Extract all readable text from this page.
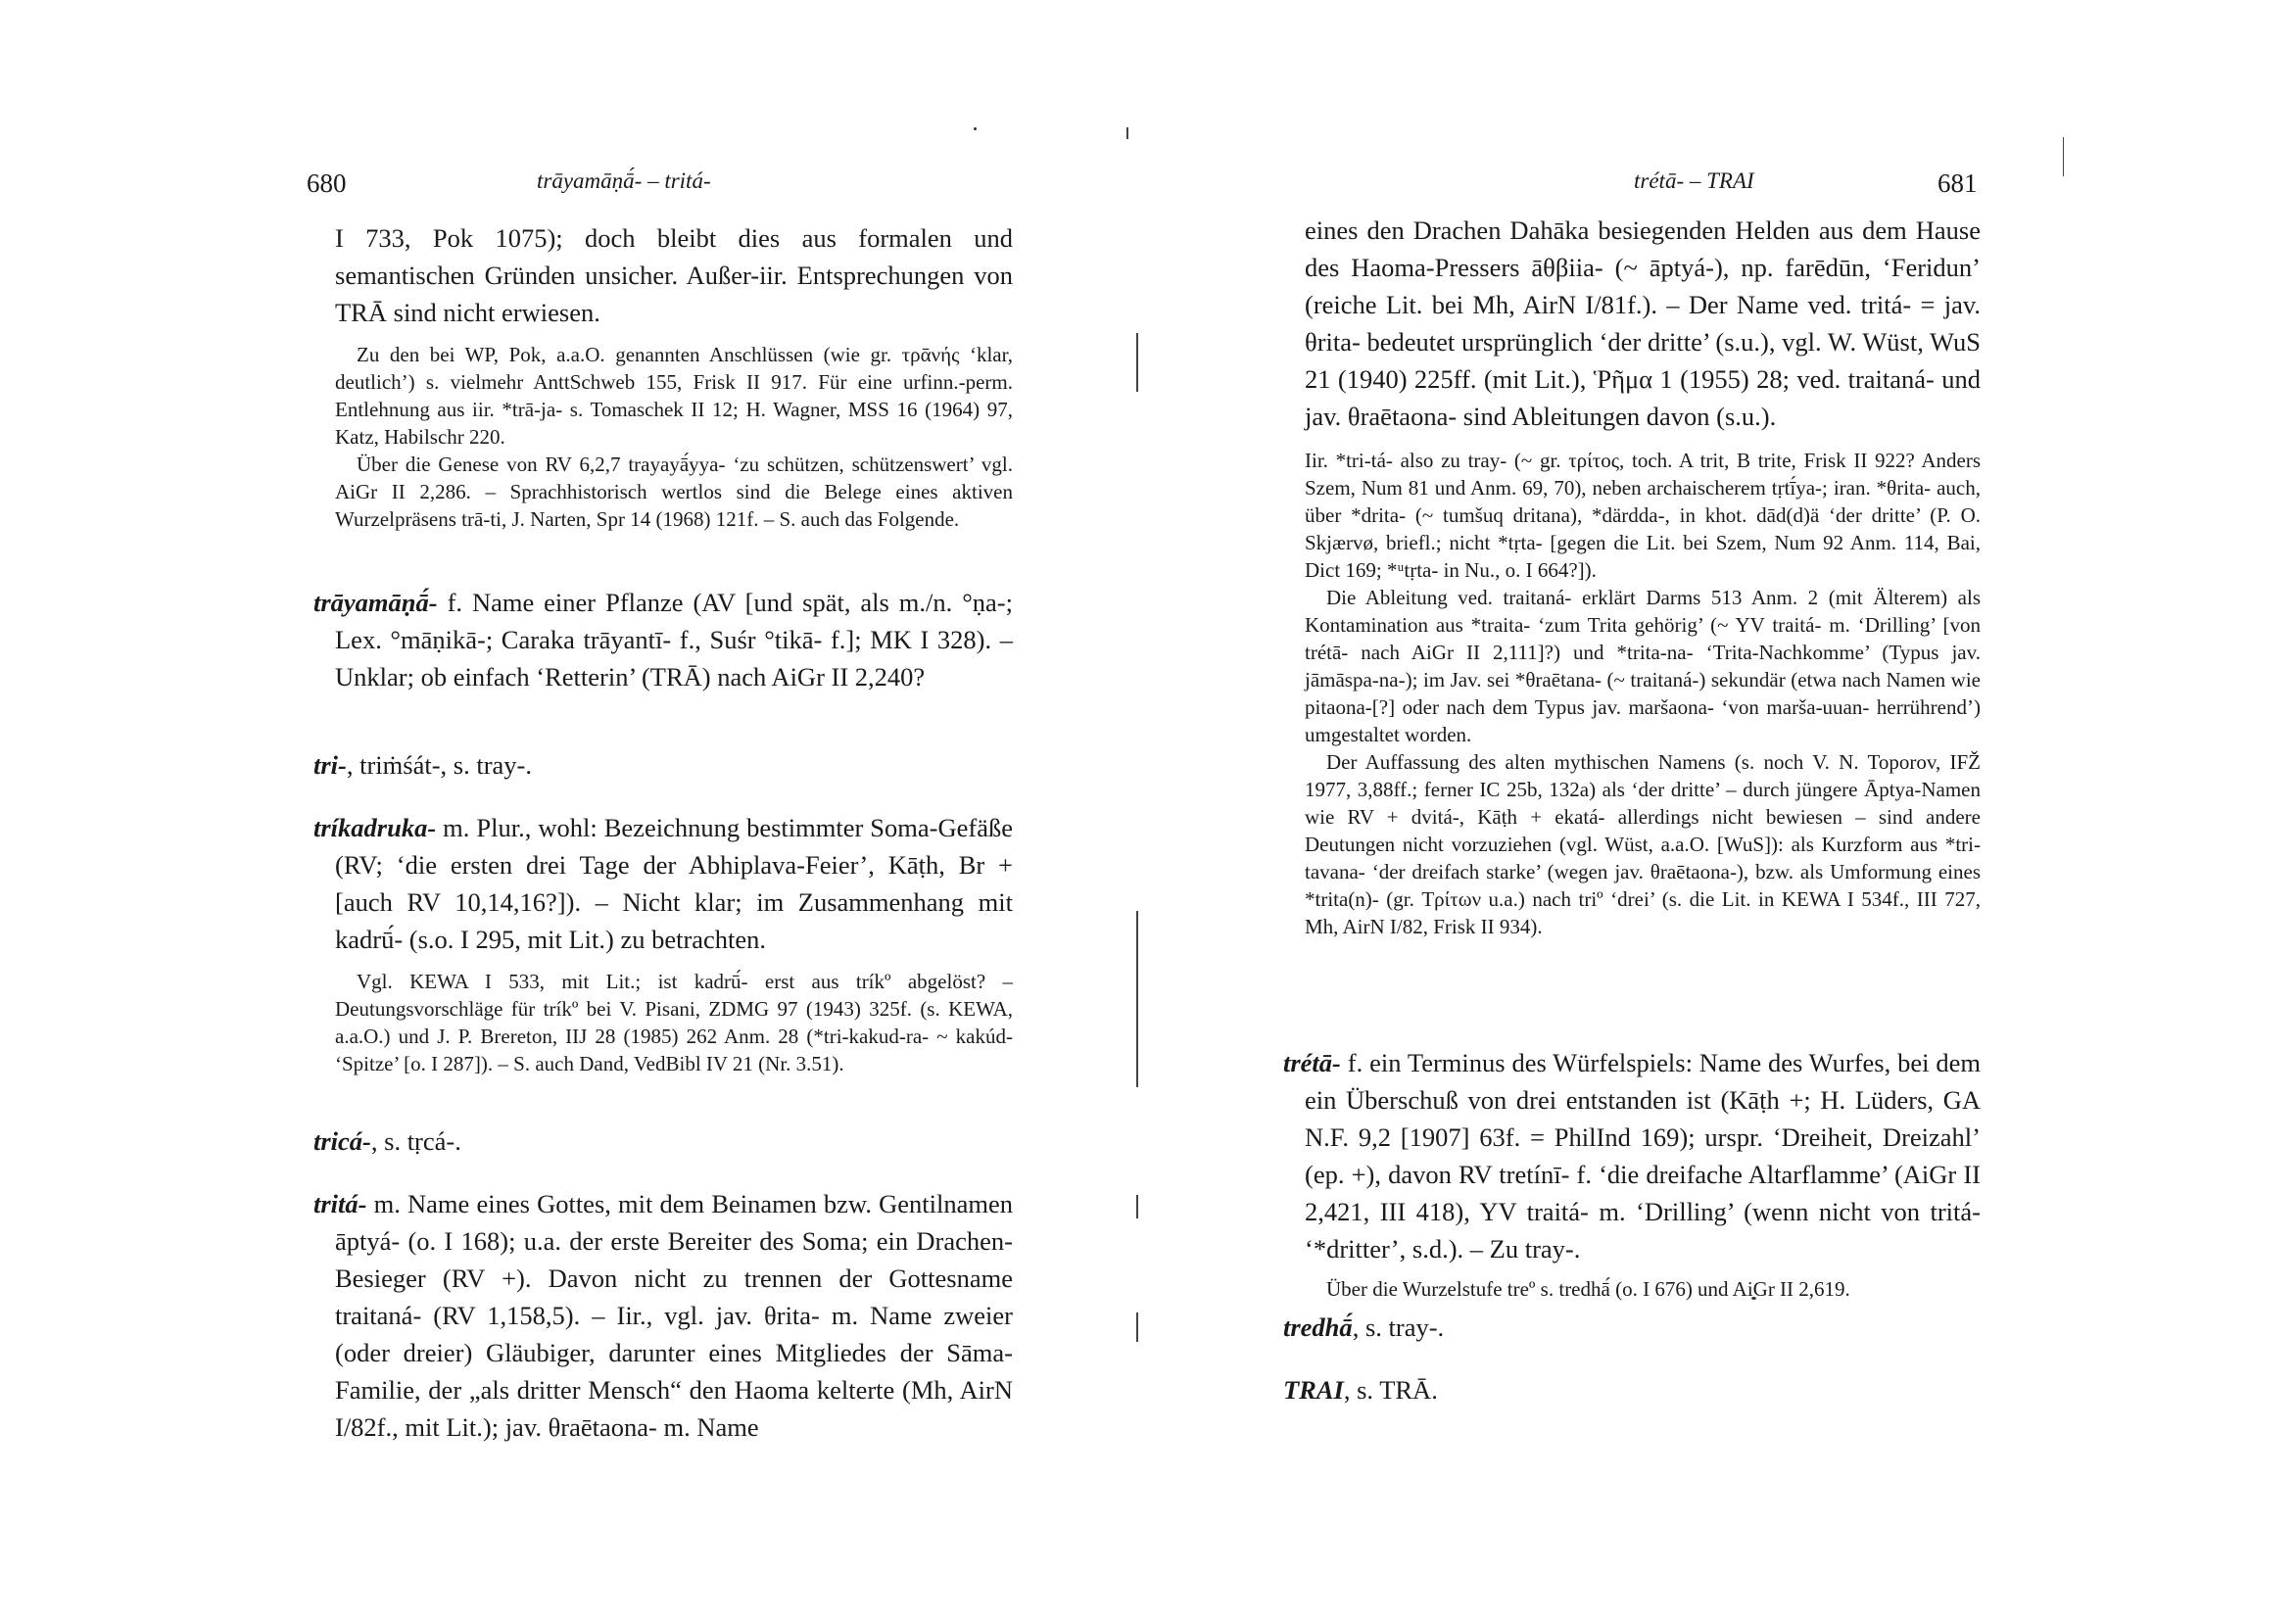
680	trāyamāṇā́- – tritá-

I 733, Pok 1075); doch bleibt dies aus formalen und semantischen Gründen unsicher. Außer-iir. Entsprechungen von TRĀ sind nicht erwiesen.

Zu den bei WP, Pok, a.a.O. genannten Anschlüssen (wie gr. τρᾱνής ‘klar, deutlich’) s. vielmehr AnttSchweb 155, Frisk II 917. Für eine urfinn.-perm. Entlehnung aus iir. *trā-ja- s. Tomaschek II 12; H. Wagner, MSS 16 (1964) 97, Katz, Habilschr 220.

Über die Genese von RV 6,2,7 trayayā́yya- ‘zu schützen, schützenswert’ vgl. AiGr II 2,286. – Sprachhistorisch wertlos sind die Belege eines aktiven Wurzelpräsens trā-ti, J. Narten, Spr 14 (1968) 121f. – S. auch das Folgende.

trāyamāṇā́- f. Name einer Pflanze (AV [und spät, als m./n. °ṇa-; Lex. °māṇikā-; Caraka trāyantī- f., Suśr °tikā- f.]; MK I 328). – Unklar; ob einfach ‘Retterin’ (TRĀ) nach AiGr II 2,240?

tri-, triṁśát-, s. tray-.

tríkadruka- m. Plur., wohl: Bezeichnung bestimmter Soma-Gefäße (RV; ‘die ersten drei Tage der Abhiplava-Feier’, Kāṭh, Br + [auch RV 10,14,16?]). – Nicht klar; im Zusammenhang mit kadrū́- (s.o. I 295, mit Lit.) zu betrachten.

Vgl. KEWA I 533, mit Lit.; ist kadrū́- erst aus tríkº abgelöst? – Deutungsvorschläge für tríkº bei V. Pisani, ZDMG 97 (1943) 325f. (s. KEWA, a.a.O.) und J. P. Brereton, IIJ 28 (1985) 262 Anm. 28 (*tri-kakud-ra- ~ kakúd- ‘Spitze’ [o. I 287]). – S. auch Dand, VedBibl IV 21 (Nr. 3.51).

tricá-, s. tṛcá-.

tritá- m. Name eines Gottes, mit dem Beinamen bzw. Gentilnamen āptyá- (o. I 168); u.a. der erste Bereiter des Soma; ein Drachen-Besieger (RV +). Davon nicht zu trennen der Gottesname traitaná- (RV 1,158,5). – Iir., vgl. jav. θrita- m. Name zweier (oder dreier) Gläubiger, darunter eines Mitgliedes der Sāma-Familie, der „als dritter Mensch“ den Haoma kelterte (Mh, AirN I/82f., mit Lit.); jav. θraētaona- m. Name

trétā- – TRAI	681

eines den Drachen Dahāka besiegenden Helden aus dem Hause des Haoma-Pressers āθβiia- (~ āptyá-), np. farēdūn, ‘Feridun’ (reiche Lit. bei Mh, AirN I/81f.). – Der Name ved. tritá- = jav. θrita- bedeutet ursprünglich ‘der dritte’ (s.u.), vgl. W. Wüst, WuS 21 (1940) 225ff. (mit Lit.), Ῥῆμα 1 (1955) 28; ved. traitaná- und jav. θraētaona- sind Ableitungen davon (s.u.).

Iir. *tri-tá- also zu tray- (~ gr. τρίτος, toch. A trit, B trite, Frisk II 922? Anders Szem, Num 81 und Anm. 69, 70), neben archaischerem tṛtī́ya-; iran. *θrita- auch, über *drita- (~ tumšuq dritana), *därdda-, in khot. dād(d)ä ‘der dritte’ (P. O. Skjærvø, briefl.; nicht *tṛta- [gegen die Lit. bei Szem, Num 92 Anm. 114, Bai, Dict 169; *ᵘtṛta- in Nu., o. I 664?]).

Die Ableitung ved. traitaná- erklärt Darms 513 Anm. 2 (mit Älterem) als Kontamination aus *traita- ‘zum Trita gehörig’ (~ YV traitá- m. ‘Drilling’ [von trétā- nach AiGr II 2,111]?) und *trita-na- ‘Trita-Nachkomme’ (Typus jav. jāmāspa-na-); im Jav. sei *θraētana- (~ traitaná-) sekundär (etwa nach Namen wie pitaona-[?] oder nach dem Typus jav. maršaona- ‘von marša-uuan- herrührend’) umgestaltet worden.

Der Auffassung des alten mythischen Namens (s. noch V. N. Toporov, IFŽ 1977, 3,88ff.; ferner IC 25b, 132a) als ‘der dritte’ – durch jüngere Āptya-Namen wie RV + dvitá-, Kāṭh + ekatá- allerdings nicht bewiesen – sind andere Deutungen nicht vorzuziehen (vgl. Wüst, a.a.O. [WuS]): als Kurzform aus *tri-tavana- ‘der dreifach starke’ (wegen jav. θraētaona-), bzw. als Umformung eines *trita(n)- (gr. Τρίτων u.a.) nach triº ‘drei’ (s. die Lit. in KEWA I 534f., III 727, Mh, AirN I/82, Frisk II 934).

trétā- f. ein Terminus des Würfelspiels: Name des Wurfes, bei dem ein Überschuß von drei entstanden ist (Kāṭh +; H. Lüders, GA N.F. 9,2 [1907] 63f. = PhilInd 169); urspr. ‘Dreiheit, Dreizahl’ (ep. +), davon RV tretínī- f. ‘die dreifache Altarflamme’ (AiGr II 2,421, III 418), YV traitá- m. ‘Drilling’ (wenn nicht von tritá- ‘*dritter’, s.d.). – Zu tray-.

Über die Wurzelstufe treº s. tredhā́ (o. I 676) und AiGr II 2,619.

tredhā́, s. tray-.

TRAI, s. TRĀ.
